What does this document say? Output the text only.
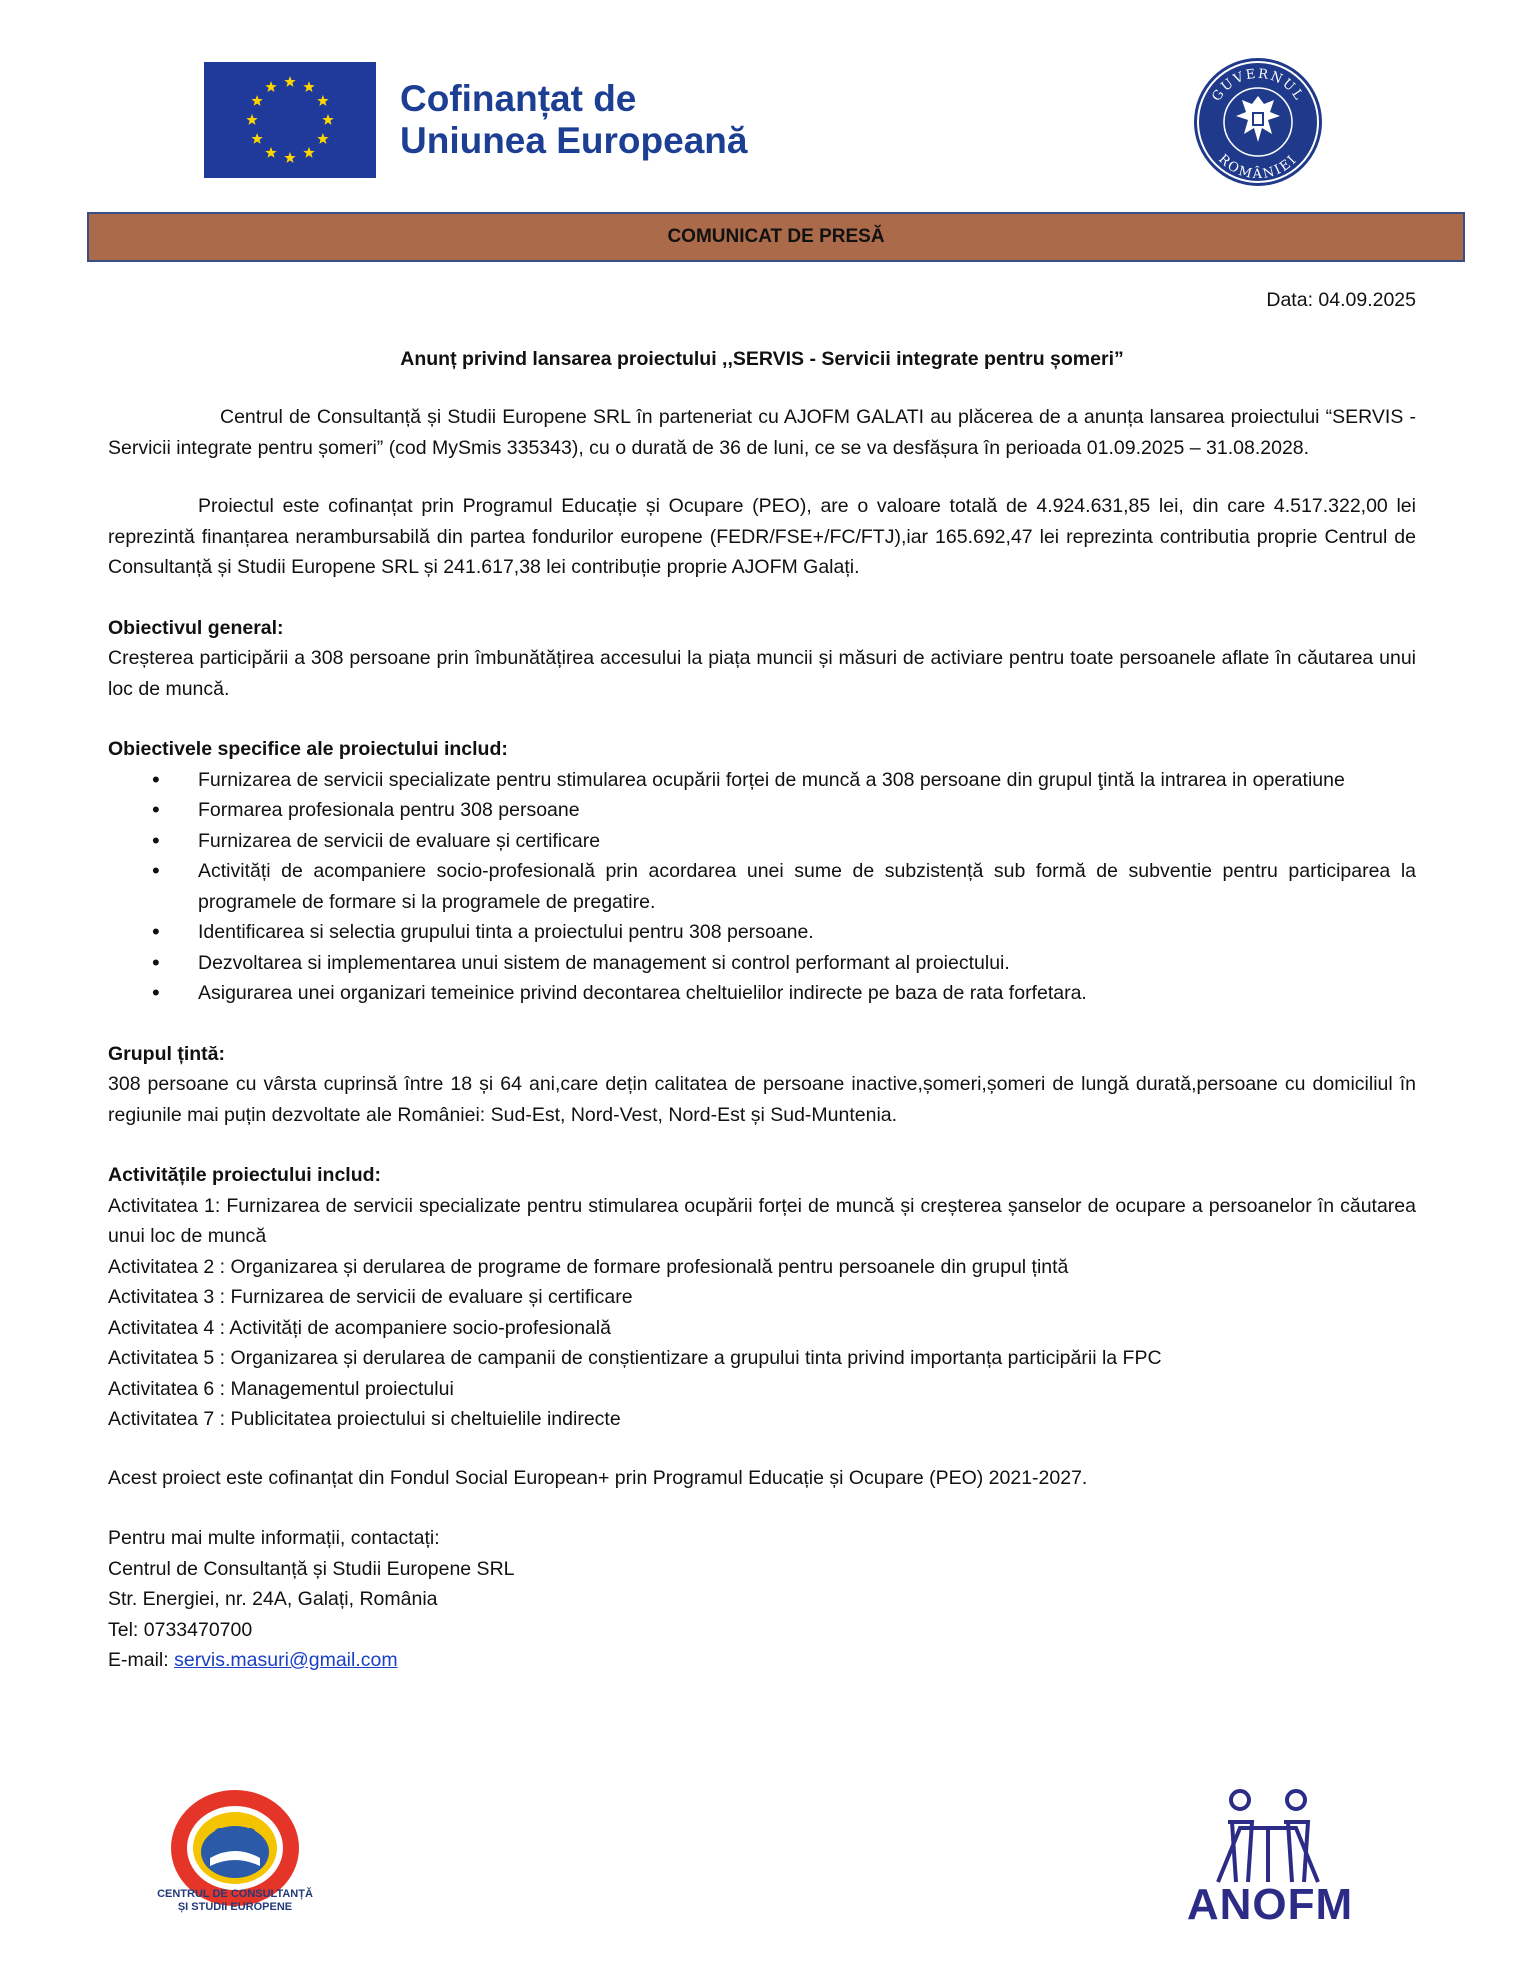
Cofinanțat de
Uniunea Europeană
GUVERNUL
ROMÂNIEI
COMUNICAT DE PRESĂ

Data: 04.09.2025

Anunț privind lansarea proiectului ,,SERVIS - Servicii integrate pentru șomeri”

Centrul de Consultanță și Studii Europene SRL în parteneriat cu AJOFM GALATI au plăcerea de a anunța lansarea proiectului “SERVIS - Servicii integrate pentru șomeri” (cod MySmis 335343), cu o durată de 36 de luni, ce se va desfășura în perioada 01.09.2025 – 31.08.2028.

Proiectul este cofinanțat prin Programul Educație și Ocupare (PEO), are o valoare totală de 4.924.631,85 lei, din care 4.517.322,00 lei reprezintă finanțarea nerambursabilă din partea fondurilor europene (FEDR/FSE+/FC/FTJ),iar 165.692,47 lei reprezinta contributia proprie Centrul de Consultanță și Studii Europene SRL și 241.617,38 lei contribuție proprie AJOFM Galați.

Obiectivul general:

Creșterea participării a 308 persoane prin îmbunătățirea accesului la piața muncii și măsuri de activiare pentru toate persoanele aflate în căutarea unui loc de muncă.

Obiectivele specifice ale proiectului includ:

• Furnizarea de servicii specializate pentru stimularea ocupării forței de muncă a 308 persoane din grupul ţintă la intrarea in operatiune
• Formarea profesionala pentru 308 persoane
• Furnizarea de servicii de evaluare și certificare
• Activități de acompaniere socio-profesională prin acordarea unei sume de subzistență sub formă de subventie pentru participarea la programele de formare si la programele de pregatire.
• Identificarea si selectia grupului tinta a proiectului pentru 308 persoane.
• Dezvoltarea si implementarea unui sistem de management si control performant al proiectului.
• Asigurarea unei organizari temeinice privind decontarea cheltuielilor indirecte pe baza de rata forfetara.

Grupul țintă:

308 persoane cu vârsta cuprinsă între 18 și 64 ani,care dețin calitatea de persoane inactive,șomeri,șomeri de lungă durată,persoane cu domiciliul în regiunile mai puțin dezvoltate ale României: Sud-Est, Nord-Vest, Nord-Est și Sud-Muntenia.

Activitățile proiectului includ:

Activitatea 1: Furnizarea de servicii specializate pentru stimularea ocupării forței de muncă și creșterea șanselor de ocupare a persoanelor în căutarea unui loc de muncă

Activitatea 2 : Organizarea și derularea de programe de formare profesională pentru persoanele din grupul țintă

Activitatea 3 : Furnizarea de servicii de evaluare și certificare

Activitatea 4 : Activități de acompaniere socio-profesională

Activitatea 5 : Organizarea și derularea de campanii de conștientizare a grupului tinta privind importanța participării la FPC

Activitatea 6 : Managementul proiectului

Activitatea 7 : Publicitatea proiectului si cheltuielile indirecte

Acest proiect este cofinanțat din Fondul Social European+ prin Programul Educație și Ocupare (PEO) 2021-2027.

Pentru mai multe informații, contactați:

Centrul de Consultanță și Studii Europene SRL

Str. Energiei, nr. 24A, Galați, România

Tel: 0733470700

E-mail: servis.masuri@gmail.com

CENTRUL DE CONSULTANȚĂ
ȘI STUDII EUROPENE	ANOFM
